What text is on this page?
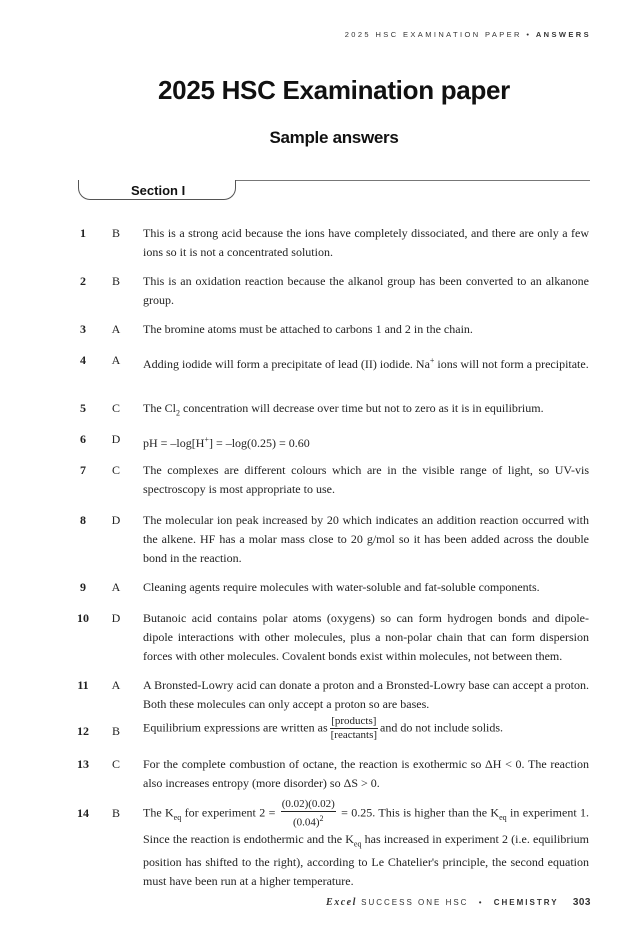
2025 HSC EXAMINATION PAPER • ANSWERS
2025 HSC Examination paper
Sample answers
Section I
1	B	This is a strong acid because the ions have completely dissociated, and there are only a few ions so it is not a concentrated solution.
2	B	This is an oxidation reaction because the alkanol group has been converted to an alkanone group.
3	A	The bromine atoms must be attached to carbons 1 and 2 in the chain.
4	A	Adding iodide will form a precipitate of lead (II) iodide. Na+ ions will not form a precipitate.
5	C	The $Cl_2$ concentration will decrease over time but not to zero as it is in equilibrium.
6	D	pH = –log[H+] = –log(0.25) = 0.60
7	C	The complexes are different colours which are in the visible range of light, so UV-vis spectroscopy is most appropriate to use.
8	D	The molecular ion peak increased by 20 which indicates an addition reaction occurred with the alkene. HF has a molar mass close to 20 g/mol so it has been added across the double bond in the reaction.
9	A	Cleaning agents require molecules with water-soluble and fat-soluble components.
10	D	Butanoic acid contains polar atoms (oxygens) so can form hydrogen bonds and dipole-dipole interactions with other molecules, plus a non-polar chain that can form dispersion forces with other molecules. Covalent bonds exist within molecules, not between them.
11	A	A Bronsted-Lowry acid can donate a proton and a Bronsted-Lowry base can accept a proton. Both these molecules can only accept a proton so are bases.
12	B	Equilibrium expressions are written as $\frac{\text{[products]}}{\text{[reactants]}}$ and do not include solids.
13	C	For the complete combustion of octane, the reaction is exothermic so ΔH < 0. The reaction also increases entropy (more disorder) so ΔS > 0.
14	B	The $K_{eq}$ for experiment $2 = \frac{(0.02)(0.02)}{(0.04)^2} = 0.25$. This is higher than the $K_{eq}$ in experiment 1. Since the reaction is endothermic and the $K_{eq}$ has increased in experiment 2 (i.e. equilibrium position has shifted to the right), according to Le Chatelier's principle, the second equation must have been run at a higher temperature.
Excel SUCCESS ONE HSC • CHEMISTRY 303
